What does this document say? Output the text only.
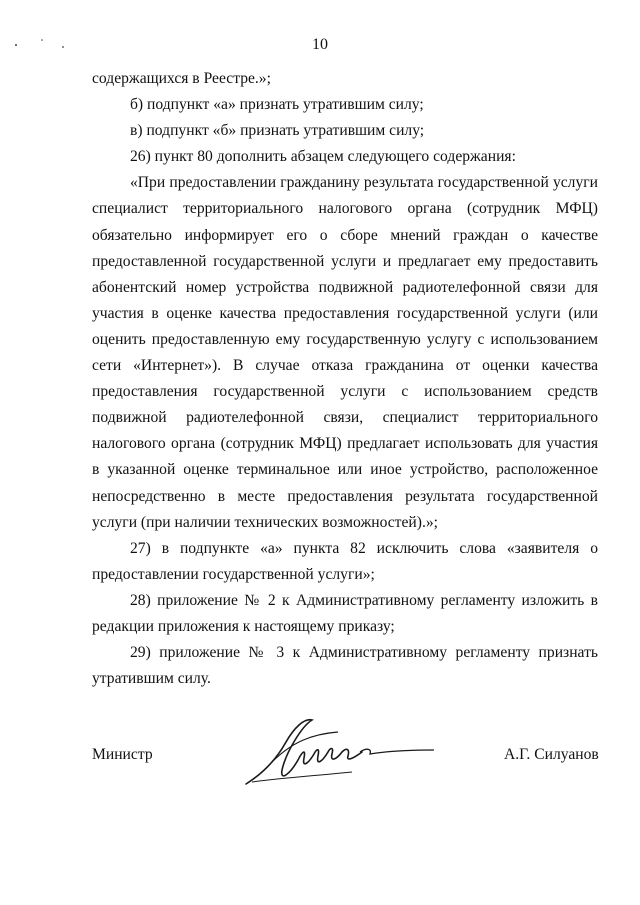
10

содержащихся в Реестре.»;

б) подпункт «а» признать утратившим силу;

в) подпункт «б» признать утратившим силу;

26) пункт 80 дополнить абзацем следующего содержания:

«При предоставлении гражданину результата государственной услуги специалист территориального налогового органа (сотрудник МФЦ) обязательно информирует его о сборе мнений граждан о качестве предоставленной государственной услуги и предлагает ему предоставить абонентский номер устройства подвижной радиотелефонной связи для участия в оценке качества предоставления государственной услуги (или оценить предоставленную ему государственную услугу с использованием сети «Интернет»). В случае отказа гражданина от оценки качества предоставления государственной услуги с использованием средств подвижной радиотелефонной связи, специалист территориального налогового органа (сотрудник МФЦ) предлагает использовать для участия в указанной оценке терминальное или иное устройство, расположенное непосредственно в месте предоставления результата государственной услуги (при наличии технических возможностей).»;

27) в подпункте «а» пункта 82 исключить слова «заявителя о предоставлении государственной услуги»;

28) приложение № 2 к Административному регламенту изложить в редакции приложения к настоящему приказу;

29) приложение № 3 к Административному регламенту признать утратившим силу.

Министр	А.Г. Силуанов
